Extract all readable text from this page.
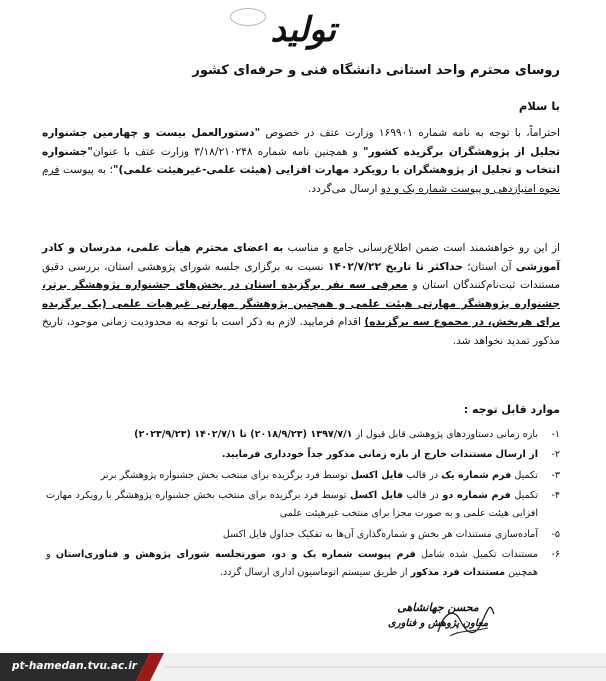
تولید
روسای محترم واحد استانی دانشگاه فنی و حرفه‌ای کشور
با سلام
احتراماً، با توجه به نامه شماره ۱۶۹۹۰۱ وزارت عتف در خصوص "دستورالعمل بیست و چهارمین جشنواره تجلیل از پژوهشگران برگزیده کشور" و همچنین نامه شماره ۳/۱۸/۲۱۰۲۴۸ وزارت عتف با عنوان"جشنواره انتخاب و تجلیل از پژوهشگران با رویکرد مهارت افزایی (هیئت علمی-غیرهیئت علمی)"؛ به پیوست فرم نحوه امتیازدهی و پیوست شماره یک و دو ارسال می‌گردد.
از این رو خواهشمند است ضمن اطلاع‌رسانی جامع و مناسب به اعضای محترم هیأت علمی، مدرسان و کادر آموزشی آن استان؛ حداکثر تا تاریخ ۱۴۰۲/۷/۲۲ نسبت به برگزاری جلسه شورای پژوهشی استان، بررسی دقیق مستندات ثبت‌نام‌کنندگان استان و معرفی سه نفر برگزیده استان در بخش‌های جشنواره پژوهشگر برتر، جشنواره پژوهشگر مهارتی هیئت علمی و همچنین پژوهشگر مهارتی غیرهیات علمی (یک برگزیده برای هربخش، در مجموع سه برگزیده) اقدام فرمایید. لازم به ذکر است با توجه به محدودیت زمانی موجود، تاریخ مذکور تمدید نخواهد شد.
موارد قابل توجه :
۱-
بازه زمانی دستاوردهای پژوهشی قابل قبول از ۱۳۹۷/۷/۱ (۲۰۱۸/۹/۲۳) تا ۱۴۰۲/۷/۱ (۲۰۲۳/۹/۲۳)
۲-
از ارسال مستندات خارج از بازه زمانی مذکور جداً خودداری فرمایید.
۳-
تکمیل فرم شماره یک در قالب فایل اکسل توسط فرد برگزیده برای منتخب بخش جشنواره پژوهشگر برتر
۴-
تکمیل فرم شماره دو در قالب فایل اکسل توسط فرد برگزیده برای منتخب بخش جشنواره پژوهشگر با رویکرد مهارت افزایی هیئت علمی و به صورت مجزا برای منتخب غیرهیئت علمی
۵-
آماده‌سازی مستندات هر بخش و شماره‌گذاری آن‌ها به تفکیک جداول فایل اکسل
۶-
مستندات تکمیل شده شامل فرم پیوست شماره یک و دو، صورتجلسه شورای پژوهش و فناوری‌استان و همچنین مستندات فرد مذکور از طریق سیستم اتوماسیون اداری ارسال گردد.
محسن جهانشاهی
معاون پژوهش و فناوری
pt-hamedan.tvu.ac.ir
